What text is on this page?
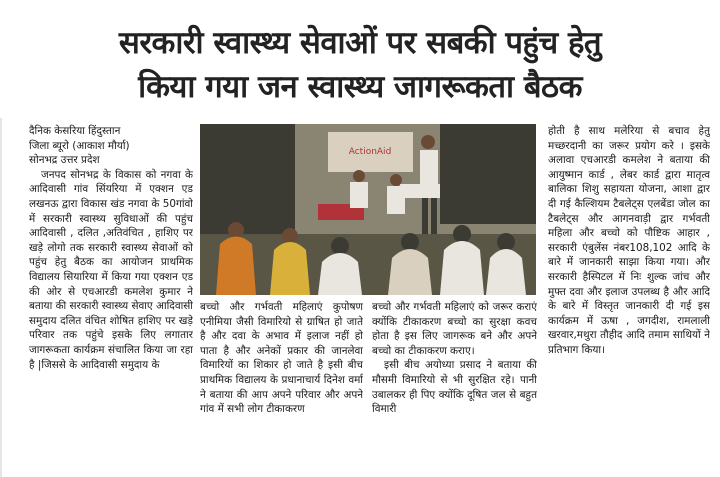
सरकारी स्वास्थ्य सेवाओं पर सबकी पहुंच हेतु
किया गया जन स्वास्थ्य जागरूकता बैठक
दैनिक केसरिया हिंदुस्तान
जिला ब्यूरो (आकाश मौर्या)
सोनभद्र उत्तर प्रदेश

जनपद सोनभद्र के विकास को नगवा के आदिवासी गांव सिंयरिया में एक्शन एड लखनऊ द्वारा विकास खंड नगवा के 50गांवो में सरकारी स्वास्थ्य सुविधाओं की पहुंच आदिवासी , दलित ,अतिवंचित , हाशिए पर खड़े लोगो तक सरकारी स्वास्थ्य सेवाओं को पहुंच हेतु बैठक का आयोजन प्राथमिक विद्यालय सियारिया में किया गया एक्शन एड की ओर से एचआरडी कमलेश कुमार ने बताया की सरकारी स्वास्थ्य सेवाए आदिवासी समुदाय दलित वंचित शोषित हाशिए पर खड़े परिवार तक पहुंचे इसके लिए लगातार जागरूकता कार्यक्रम संचालित किया जा रहा है |जिससे के आदिवासी समुदाय के

ActionAid

बच्चो और गर्भवती महिलाएं कुपोषण एनीमिया जैसी विमारियो से ग्राषित हो जाते है और दवा के अभाव में इलाज नहीं हो पाता है और अनेकों प्रकार की जानलेवा विमारियों का शिकार हो जाते है इसी बीच प्राथमिक विद्यालय के प्रधानाचार्य दिनेश वर्मा ने बताया की आप अपने परिवार और अपने गांव में सभी लोग टीकाकरण

बच्चो और गर्भवती महिलाएं को जरूर कराएं क्योंकि टीकाकरण बच्चो का सुरक्षा कवच होता है इस लिए जागरूक बने और अपने बच्चो का टीकाकरण कराए।

इसी बीच अयोध्या प्रसाद ने बताया की मौसमी विमारियो से भी सुरक्षित रहे। पानी उबालकर ही पिए क्योंकि दूषित जल से बहुत विमारी

होती है साथ मलेरिया से बचाव हेतु मच्छरदानी का जरूर प्रयोग करे । इसके अलावा एचआरडी कमलेश ने बताया की आयुष्मान कार्ड , लेबर कार्ड द्वारा मातृत्व बालिका शिशु सहायता योजना, आशा द्वार दी गई कैल्शियम टैबलेट्स एलबेंडा जोल का टैबलेट्स और आगनवाड़ी द्वार गर्भवती महिला और बच्चो को पौष्टिक आहार , सरकारी एंबुलेंस नंबर108,102 आदि के बारे में जानकारी साझा किया गया। और सरकारी हैस्पिटल में निः शुल्क जांच और मुफ्त दवा और इलाज उपलब्ध है और आदि के बारे में विस्तृत जानकारी दी गई इस कार्यक्रम में ऊषा , जगदीश, रामलाली खरवार,मथुरा तौहीद आदि तमाम साथियों ने प्रतिभाग किया।
